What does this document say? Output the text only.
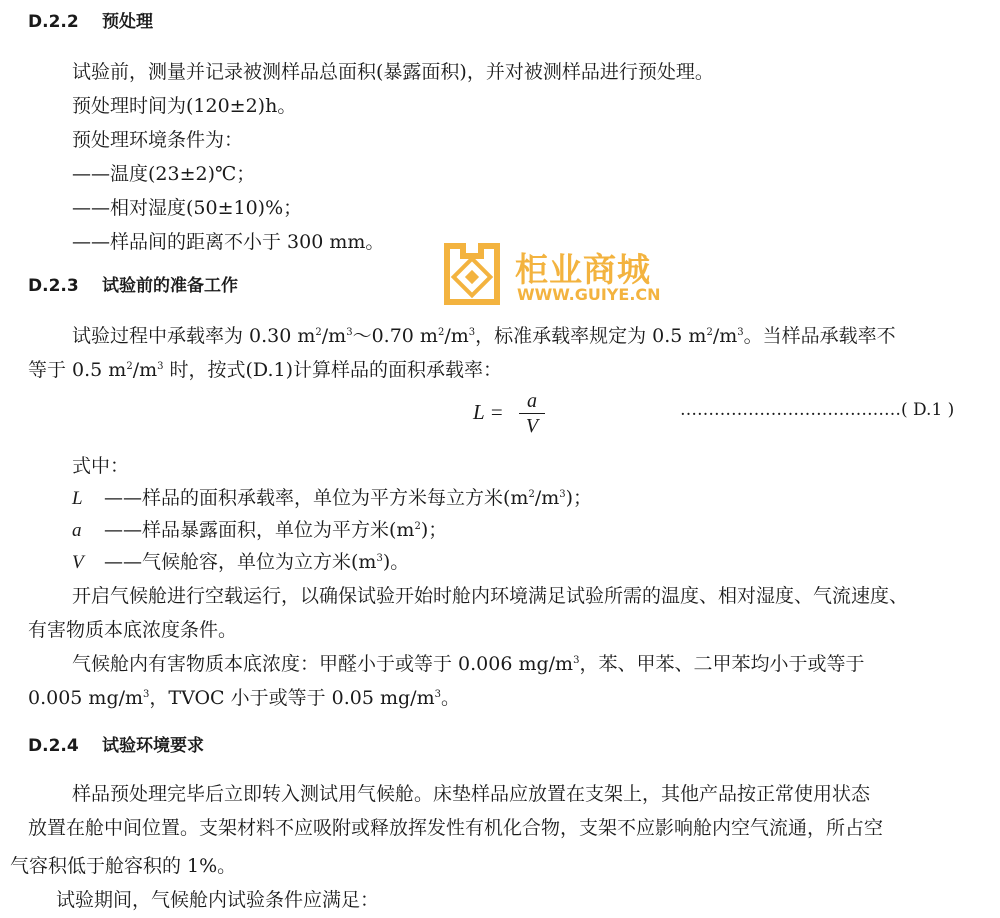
D.2.2 预处理
试验前，测量并记录被测样品总面积(暴露面积)，并对被测样品进行预处理。
预处理时间为(120±2)h。
预处理环境条件为：
——温度(23±2)℃；
——相对湿度(50±10)%；
——样品间的距离不小于 300 mm。
柜业商城
WWW.GUIYE.CN
D.2.3 试验前的准备工作
试验过程中承载率为 0.30 $m^2/m^3\sim 0.70$ $m^2/m^3$，标准承载率规定为 0.5 $m^2/m^3$。当样品承载率不
等于 0.5 $m^2/m^3$ 时，按式(D.1)计算样品的面积承载率：
L =	a
V
…………………………………( D.1 )
式中：
L ——样品的面积承载率，单位为平方米每立方米$(m^2/m^3)$；
a ——样品暴露面积，单位为平方米$(m^2)$；
V ——气候舱容，单位为立方米$(m^3)$。
开启气候舱进行空载运行，以确保试验开始时舱内环境满足试验所需的温度、相对湿度、气流速度、
有害物质本底浓度条件。
气候舱内有害物质本底浓度：甲醛小于或等于 0.006 $mg/m^3$，苯、甲苯、二甲苯均小于或等于
0.005 $mg/m^3$，TVOC 小于或等于 0.05 $mg/m^3$。
D.2.4 试验环境要求
样品预处理完毕后立即转入测试用气候舱。床垫样品应放置在支架上，其他产品按正常使用状态
放置在舱中间位置。支架材料不应吸附或释放挥发性有机化合物，支架不应影响舱内空气流通，所占空
气容积低于舱容积的 1%。
试验期间，气候舱内试验条件应满足：
